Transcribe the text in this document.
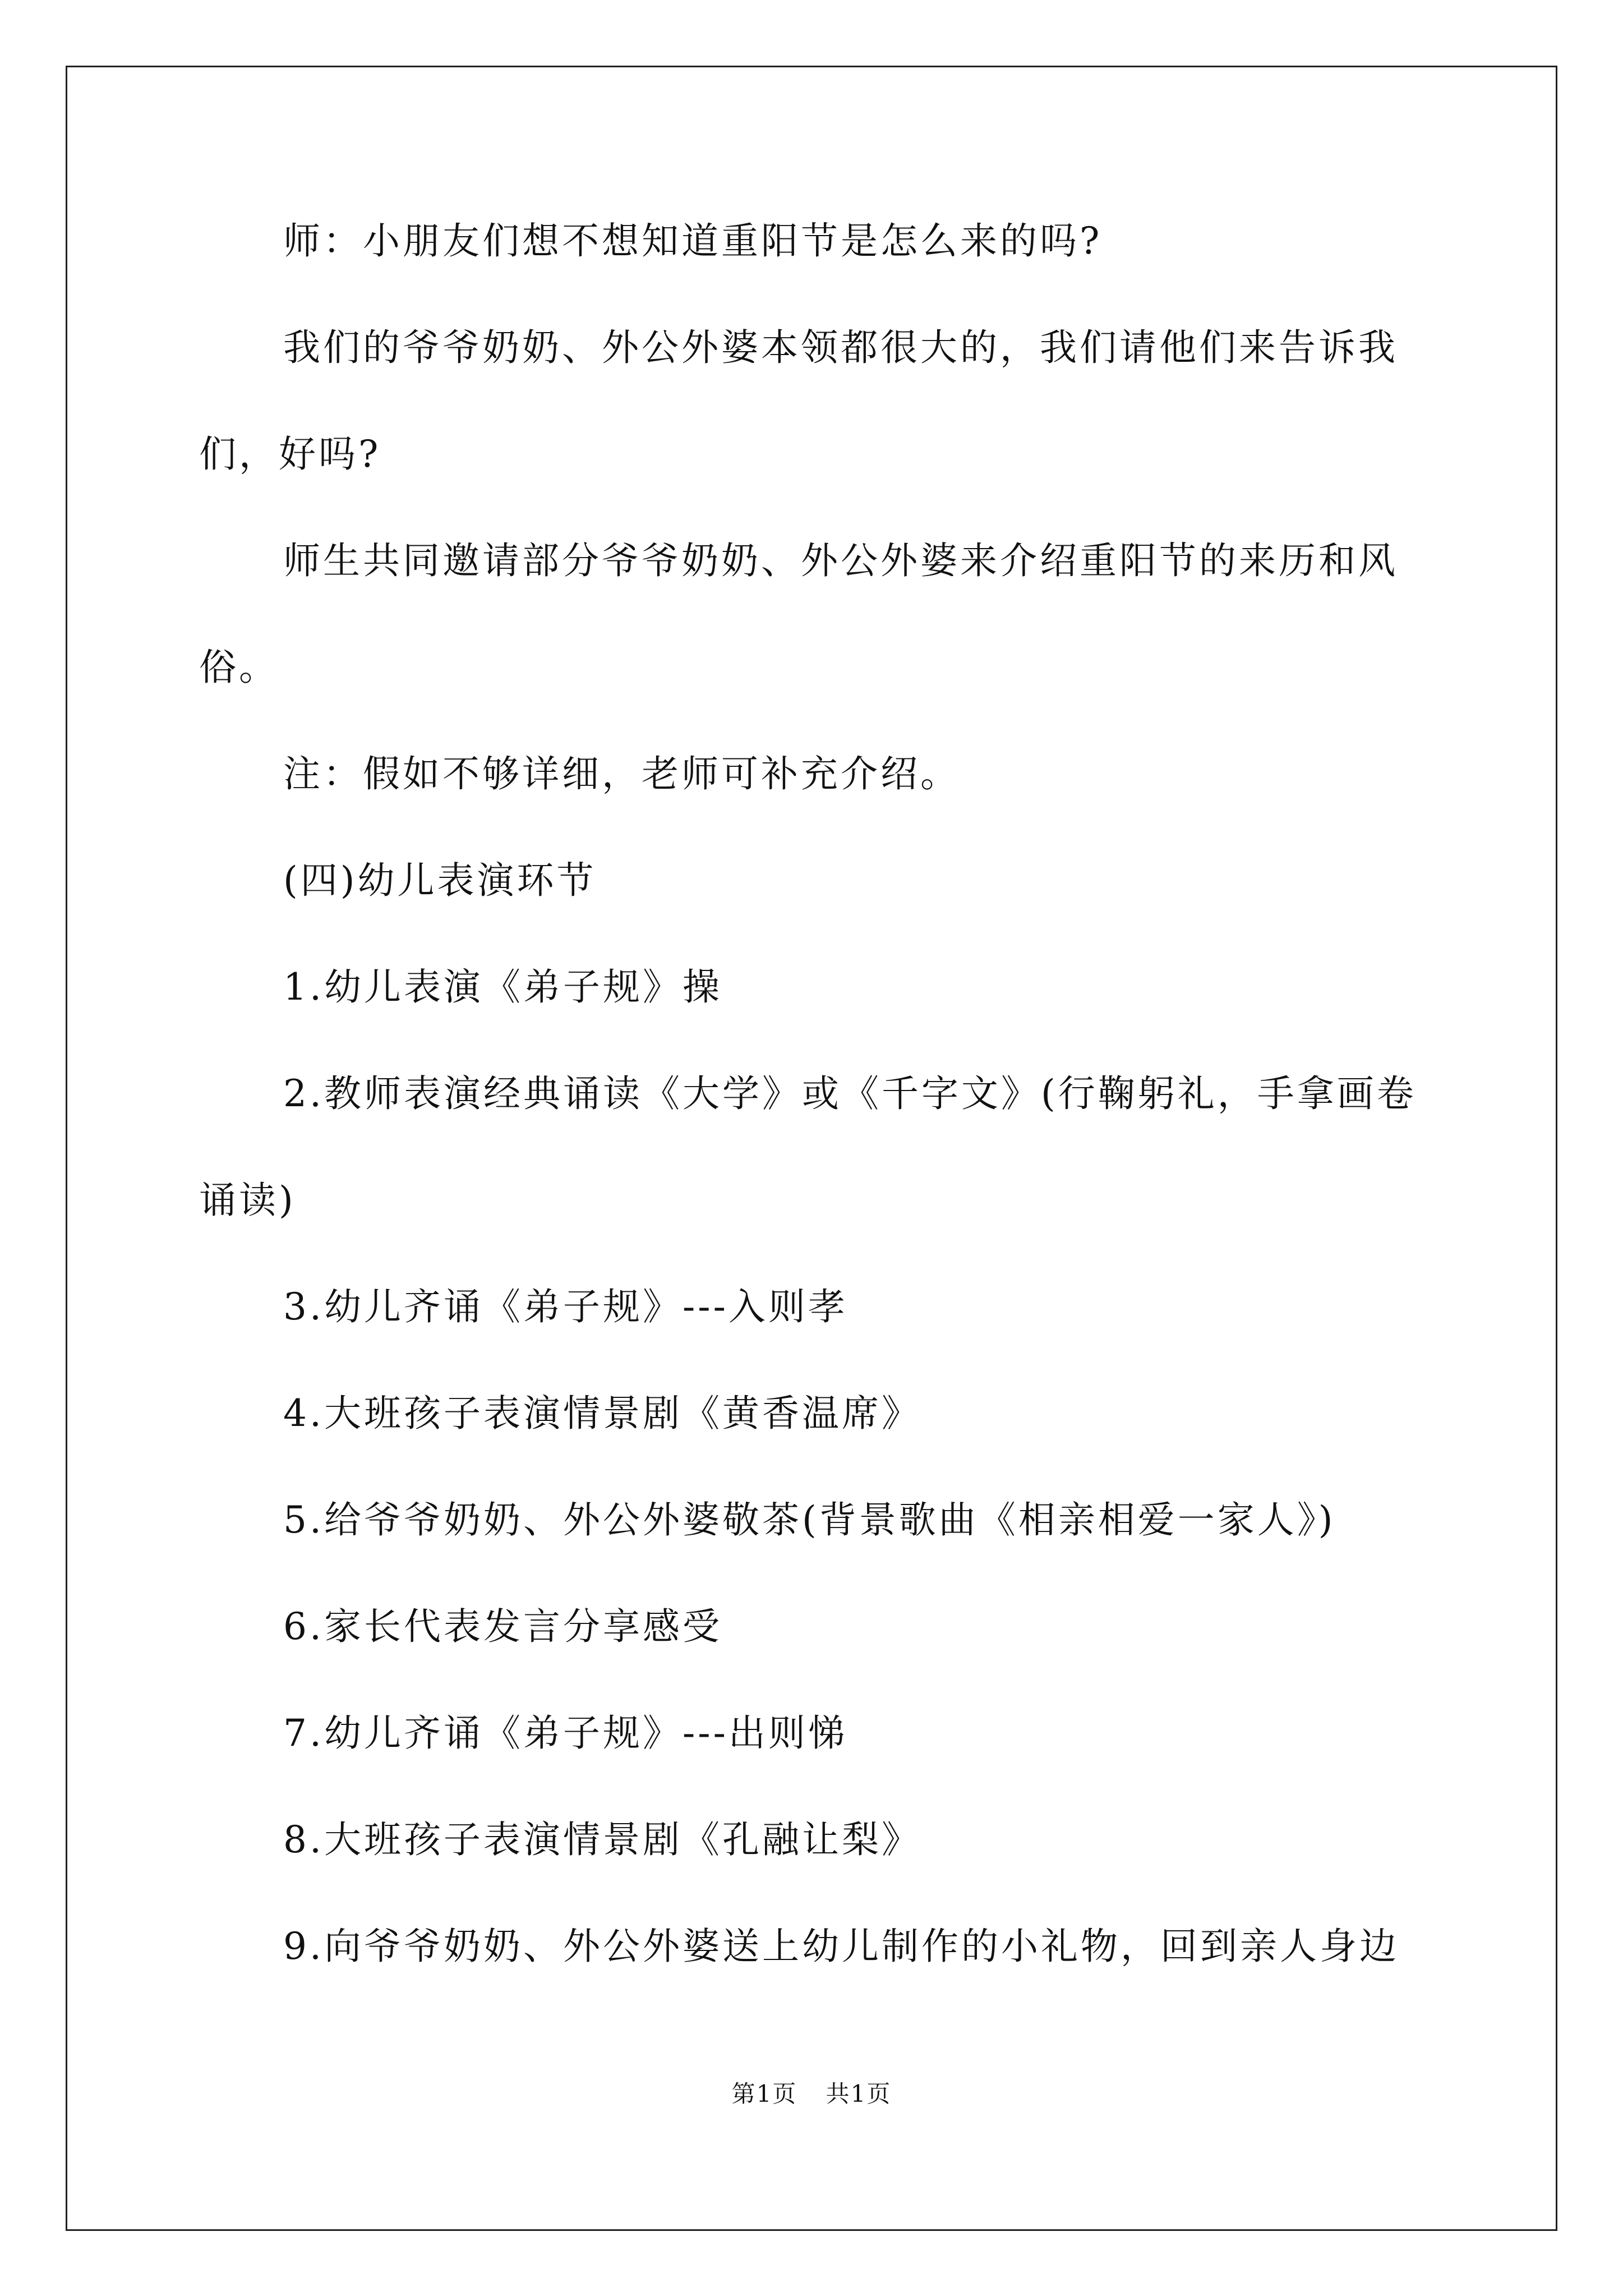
师：小朋友们想不想知道重阳节是怎么来的吗?

我们的爷爷奶奶、外公外婆本领都很大的，我们请他们来告诉我们，好吗?

师生共同邀请部分爷爷奶奶、外公外婆来介绍重阳节的来历和风俗。

注：假如不够详细，老师可补充介绍。

(四)幼儿表演环节

1.幼儿表演《弟子规》操

2.教师表演经典诵读《大学》或《千字文》(行鞠躬礼，手拿画卷诵读)

3.幼儿齐诵《弟子规》---入则孝

4.大班孩子表演情景剧《黄香温席》

5.给爷爷奶奶、外公外婆敬茶(背景歌曲《相亲相爱一家人》)

6.家长代表发言分享感受

7.幼儿齐诵《弟子规》---出则悌

8.大班孩子表演情景剧《孔融让梨》

9.向爷爷奶奶、外公外婆送上幼儿制作的小礼物，回到亲人身边

第1页 共1页
